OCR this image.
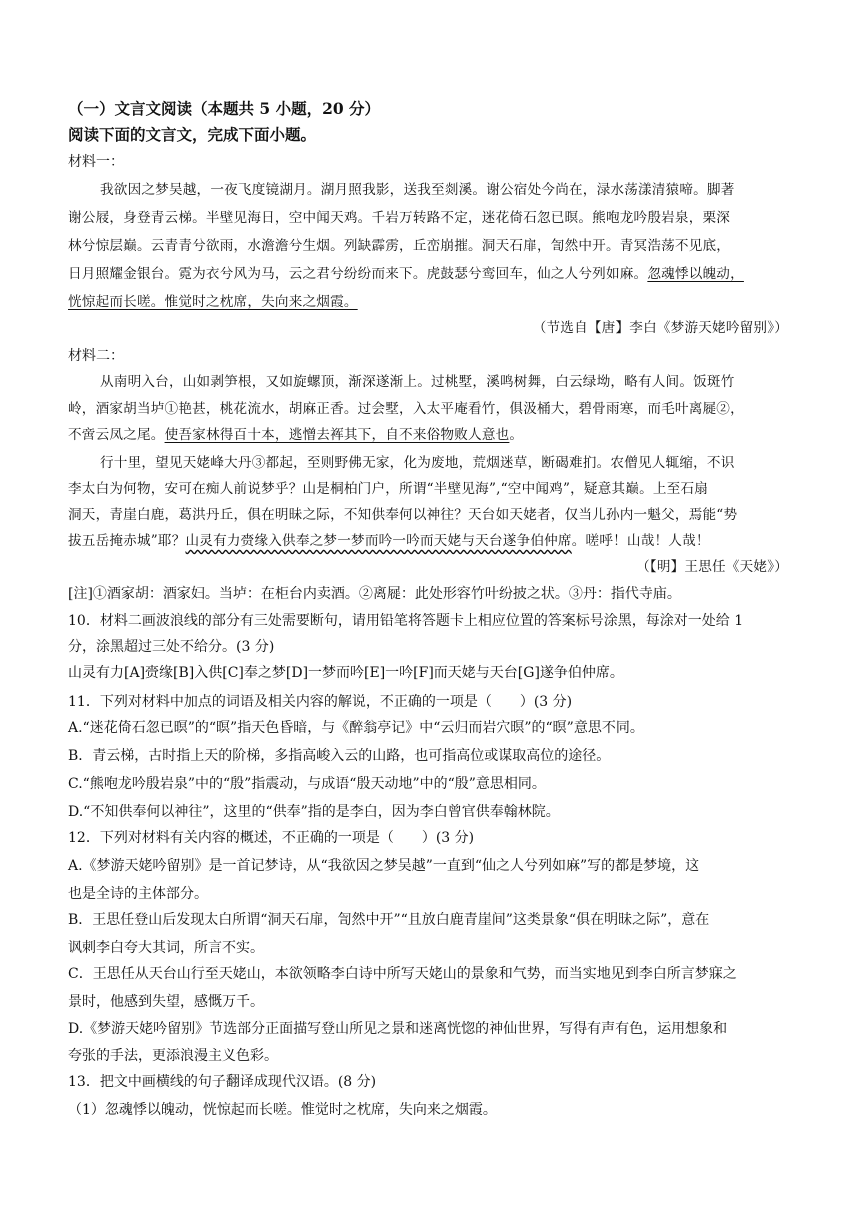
（一）文言文阅读（本题共 5 小题，20 分）
阅读下面的文言文，完成下面小题。
材料一：
我欲因之梦吴越，一夜飞度镜湖月。湖月照我影，送我至剡溪。谢公宿处今尚在，渌水荡漾清猿啼。脚著
谢公屐，身登青云梯。半壁见海日，空中闻天鸡。千岩万转路不定，迷花倚石忽已暝。熊咆龙吟殷岩泉，栗深
林兮惊层巅。云青青兮欲雨，水澹澹兮生烟。列缺霹雳，丘峦崩摧。洞天石扉，訇然中开。青冥浩荡不见底，
日月照耀金银台。霓为衣兮风为马，云之君兮纷纷而来下。虎鼓瑟兮鸾回车，仙之人兮列如麻。忽魂悸以魄动，
恍惊起而长嗟。惟觉时之枕席，失向来之烟霞。
（节选自【唐】李白《梦游天姥吟留别》）
材料二：
从南明入台，山如剥笋根，又如旋螺顶，渐深遂渐上。过桃墅，溪鸣树舞，白云绿坳，略有人间。饭斑竹
岭，酒家胡当垆①艳甚，桃花流水，胡麻正香。过会墅，入太平庵看竹，俱汲桶大，碧骨雨寒，而毛叶离屣②，
不啻云凤之尾。使吾家林得百十本，逃憎去裈其下，自不来俗物败人意也。
行十里，望见天姥峰大丹③都起，至则野佛无家，化为废地，荒烟迷草，断碣难扪。农僧见人辄缩，不识
李太白为何物，安可在痴人前说梦乎？山是桐柏门户，所谓“半壁见海”,“空中闻鸡”，疑意其巅。上至石扇
洞天，青崖白鹿，葛洪丹丘，俱在明昧之际，不知供奉何以神往？天台如天姥者，仅当儿孙内一魁父，焉能“势
拔五岳掩赤城”耶？山灵有力赍缘入供奉之梦一梦而吟一吟而天姥与天台遂争伯仲席。嗟呼！山哉！人哉！
（【明】王思任《天姥》）
[注]①酒家胡：酒家妇。当垆：在柜台内卖酒。②离屣：此处形容竹叶纷披之状。③丹：指代寺庙。
10．材料二画波浪线的部分有三处需要断句，请用铅笔将答题卡上相应位置的答案标号涂黑，每涂对一处给 1
分，涂黑超过三处不给分。(3 分)
山灵有力[A]赍缘[B]入供[C]奉之梦[D]一梦而吟[E]一吟[F]而天姥与天台[G]遂争伯仲席。
11．下列对材料中加点的词语及相关内容的解说，不正确的一项是（　　）(3 分)
A.“迷花倚石忽已暝”的“暝”指天色昏暗，与《醉翁亭记》中“云归而岩穴暝”的“暝”意思不同。
B．青云梯，古时指上天的阶梯，多指高峻入云的山路，也可指高位或谋取高位的途径。
C.“熊咆龙吟殷岩泉”中的“殷”指震动，与成语“殷天动地”中的“殷”意思相同。
D.“不知供奉何以神往”，这里的“供奉”指的是李白，因为李白曾官供奉翰林院。
12．下列对材料有关内容的概述，不正确的一项是（　　）(3 分)
A.《梦游天姥吟留别》是一首记梦诗，从“我欲因之梦吴越”一直到“仙之人兮列如麻”写的都是梦境，这
也是全诗的主体部分。
B．王思任登山后发现太白所谓“洞天石扉，訇然中开”“且放白鹿青崖间”这类景象“俱在明昧之际”，意在
讽刺李白夸大其词，所言不实。
C．王思任从天台山行至天姥山，本欲领略李白诗中所写天姥山的景象和气势，而当实地见到李白所言梦寐之
景时，他感到失望，感慨万千。
D.《梦游天姥吟留别》节选部分正面描写登山所见之景和迷离恍惚的神仙世界，写得有声有色，运用想象和
夸张的手法，更添浪漫主义色彩。
13．把文中画横线的句子翻译成现代汉语。(8 分)
（1）忽魂悸以魄动，恍惊起而长嗟。惟觉时之枕席，失向来之烟霞。
